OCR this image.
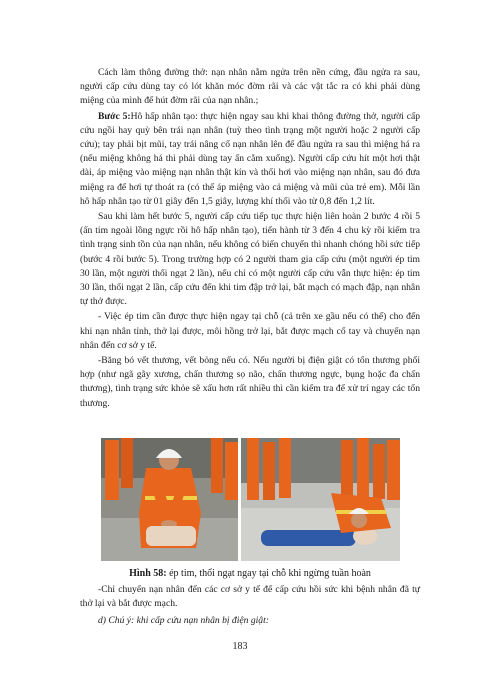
Cách làm thông đường thở: nạn nhân nằm ngửa trên nền cứng, đầu ngửa ra sau, người cấp cứu dùng tay có lót khăn móc đờm rãi và các vật tắc ra có khi phải dùng miệng của mình để hút đờm rãi của nạn nhân.;

Bước 5:Hô hấp nhân tạo: thực hiện ngay sau khi khai thông đường thở, người cấp cứu ngồi hay quỳ bên trái nạn nhân (tuỳ theo tình trạng một người hoặc 2 người cấp cứu); tay phải bịt mũi, tay trái nâng cổ nạn nhân lên để đầu ngửa ra sau thì miệng há ra (nếu miệng không há thì phải dùng tay ấn cằm xuống). Người cấp cứu hít một hơi thật dài, áp miệng vào miệng nạn nhân thật kín và thổi hơi vào miệng nạn nhân, sau đó đưa miệng ra để hơi tự thoát ra (có thể áp miệng vào cả miệng và mũi của trẻ em). Mỗi lần hô hấp nhân tạo từ 01 giây đến 1,5 giây, lượng khí thổi vào từ 0,8 đến 1,2 lít.

Sau khi làm hết bước 5, người cấp cứu tiếp tục thực hiện liên hoàn 2 bước 4 rồi 5 (ấn tim ngoài lồng ngực rồi hô hấp nhân tạo), tiến hành từ 3 đến 4 chu kỳ rồi kiểm tra tình trạng sinh tồn của nạn nhân, nếu không có biến chuyển thì nhanh chóng hồi sức tiếp (bước 4 rồi bước 5). Trong trường hợp có 2 người tham gia cấp cứu (một người ép tim 30 lần, một người thổi ngạt 2 lần), nếu chỉ có một người cấp cứu vẫn thực hiện: ép tim 30 lần, thổi ngạt 2 lần, cấp cứu đến khi tim đập trở lại, bắt mạch có mạch đập, nạn nhân tự thở được.

- Việc ép tim cần được thực hiện ngay tại chỗ (cả trên xe gầu nếu có thể) cho đến khi nạn nhân tỉnh, thở lại được, môi hồng trở lại, bắt được mạch cổ tay và chuyển nạn nhân đến cơ sở y tế.

-Băng bó vết thương, vết bỏng nếu có. Nếu người bị điện giật có tổn thương phối hợp (như ngã gãy xương, chấn thương sọ não, chấn thương ngực, bụng hoặc đa chấn thương), tình trạng sức khỏe sẽ xấu hơn rất nhiều thì cần kiểm tra để xử trí ngay các tổn thương.

Hình 58: ép tim, thổi ngạt ngay tại chỗ khi ngừng tuần hoàn

-Chỉ chuyển nạn nhân đến các cơ sở y tế để cấp cứu hồi sức khi bệnh nhân đã tự thở lại và bắt được mạch.

d) Chú ý: khi cấp cứu nạn nhân bị điện giật:

183
